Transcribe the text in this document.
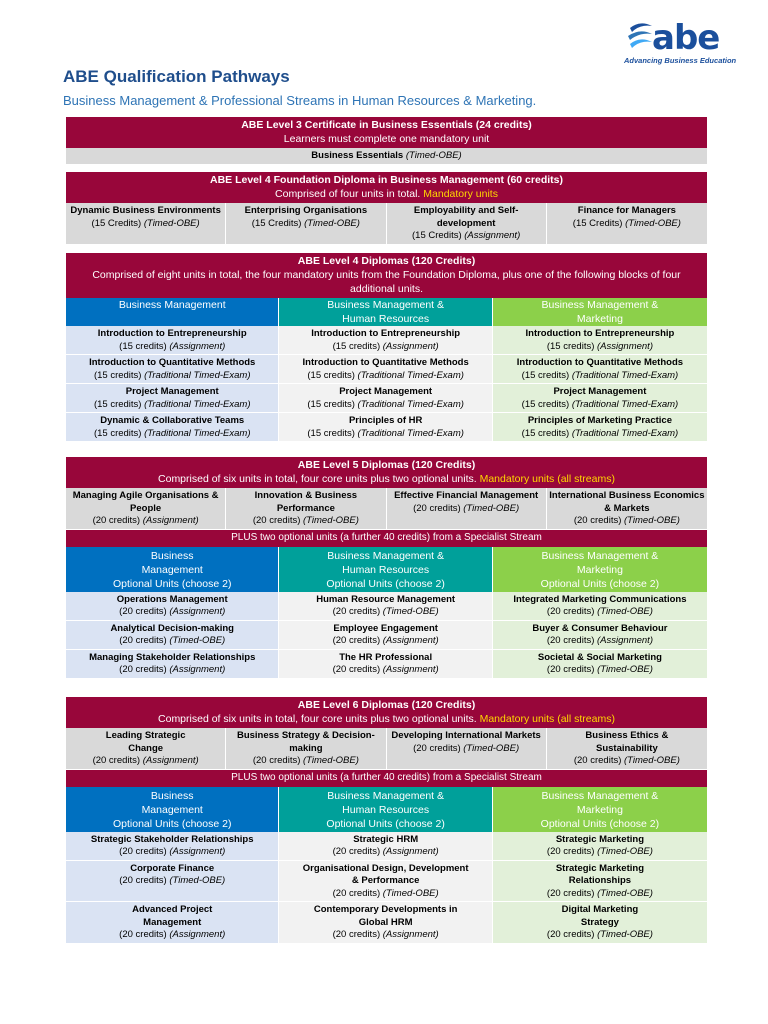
abe
Advancing Business Education
ABE Qualification Pathways
Business Management & Professional Streams in Human Resources & Marketing.
ABE Level 3 Certificate in Business Essentials (24 credits)
Learners must complete one mandatory unit
Business Essentials (Timed-OBE)
ABE Level 4 Foundation Diploma in Business Management (60 credits)
Comprised of four units in total. Mandatory units
Dynamic Business Environments
(15 Credits) (Timed-OBE)
Enterprising Organisations
(15 Credits) (Timed-OBE)
Employability and Self-development
(15 Credits) (Assignment)
Finance for Managers
(15 Credits) (Timed-OBE)
ABE Level 4 Diplomas (120 Credits)
Comprised of eight units in total, the four mandatory units from the Foundation Diploma, plus one of the following blocks of four additional units.
Business Management	Business Management & Human Resources
Business Management & Marketing
Introduction to Entrepreneurship
(15 credits) (Assignment)
Introduction to Entrepreneurship
(15 credits) (Assignment)
Introduction to Entrepreneurship
(15 credits) (Assignment)
Introduction to Quantitative Methods
(15 credits) (Traditional Timed-Exam)
Introduction to Quantitative Methods
(15 credits) (Traditional Timed-Exam)
Introduction to Quantitative Methods
(15 credits) (Traditional Timed-Exam)
Project Management
(15 credits) (Traditional Timed-Exam)
Project Management
(15 credits) (Traditional Timed-Exam)
Project Management
(15 credits) (Traditional Timed-Exam)
Dynamic & Collaborative Teams
(15 credits) (Traditional Timed-Exam)
Principles of HR
(15 credits) (Traditional Timed-Exam)
Principles of Marketing Practice
(15 credits) (Traditional Timed-Exam)
ABE Level 5 Diplomas (120 Credits)
Comprised of six units in total, four core units plus two optional units. Mandatory units (all streams)
Managing Agile Organisations & People
(20 credits) (Assignment)
Innovation & Business Performance
(20 credits) (Timed-OBE)
Effective Financial Management
(20 credits) (Timed-OBE)
International Business Economics & Markets
(20 credits) (Timed-OBE)
PLUS two optional units (a further 40 credits) from a Specialist Stream
Business Management
Optional Units (choose 2)
Business Management & Human Resources
Optional Units (choose 2)
Business Management & Marketing
Optional Units (choose 2)
Operations Management
(20 credits) (Assignment)
Human Resource Management
(20 credits) (Timed-OBE)
Integrated Marketing Communications
(20 credits) (Timed-OBE)
Analytical Decision-making
(20 credits) (Timed-OBE)
Employee Engagement
(20 credits) (Assignment)
Buyer & Consumer Behaviour
(20 credits) (Assignment)
Managing Stakeholder Relationships
(20 credits) (Assignment)
The HR Professional
(20 credits) (Assignment)
Societal & Social Marketing
(20 credits) (Timed-OBE)
ABE Level 6 Diplomas (120 Credits)
Comprised of six units in total, four core units plus two optional units. Mandatory units (all streams)
Leading Strategic Change
(20 credits) (Assignment)
Business Strategy & Decision-making
(20 credits) (Timed-OBE)
Developing International Markets
(20 credits) (Timed-OBE)
Business Ethics & Sustainability
(20 credits) (Timed-OBE)
PLUS two optional units (a further 40 credits) from a Specialist Stream
Business Management
Optional Units (choose 2)
Business Management & Human Resources
Optional Units (choose 2)
Business Management & Marketing
Optional Units (choose 2)
Strategic Stakeholder Relationships
(20 credits) (Assignment)
Strategic HRM
(20 credits) (Assignment)
Strategic Marketing
(20 credits) (Timed-OBE)
Corporate Finance
(20 credits) (Timed-OBE)
Organisational Design, Development & Performance
(20 credits) (Timed-OBE)
Strategic Marketing Relationships
(20 credits) (Timed-OBE)
Advanced Project Management
(20 credits) (Assignment)
Contemporary Developments in Global HRM
(20 credits) (Assignment)
Digital Marketing Strategy
(20 credits) (Timed-OBE)
